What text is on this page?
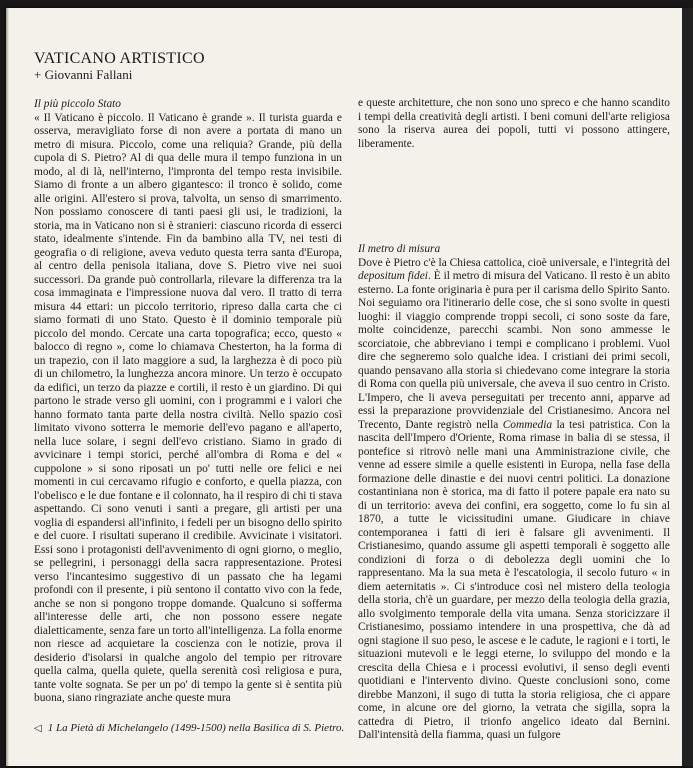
VATICANO ARTISTICO
+ Giovanni Fallani
Il più piccolo Stato

« Il Vaticano è piccolo. Il Vaticano è grande ». Il turista guarda e osserva, meravigliato forse di non avere a portata di mano un metro di misura. Piccolo, come una reliquia? Grande, più della cupola di S. Pietro? Al di qua delle mura il tempo funziona in un modo, al di là, nell'interno, l'impronta del tempo resta invisibile. Siamo di fronte a un albero gigantesco: il tronco è solido, come alle origini. All'estero si prova, talvolta, un senso di smarrimento. Non possiamo conoscere di tanti paesi gli usi, le tradizioni, la storia, ma in Vaticano non si è stranieri: ciascuno ricorda di esserci stato, idealmente s'intende. Fin da bambino alla TV, nei testi di geografia o di religione, aveva veduto questa terra santa d'Europa, al centro della penisola italiana, dove S. Pietro vive nei suoi successori. Da grande può controllarla, rilevare la differenza tra la cosa immaginata e l'impressione nuova dal vero. Il tratto di terra misura 44 ettari: un piccolo territorio, ripreso dalla carta che ci siamo formati di uno Stato. Questo è il dominio temporale più piccolo del mondo. Cercate una carta topografica; ecco, questo « balocco di regno », come lo chiamava Chesterton, ha la forma di un trapezio, con il lato maggiore a sud, la larghezza è di poco più di un chilometro, la lunghezza ancora minore. Un terzo è occupato da edifici, un terzo da piazze e cortili, il resto è un giardino. Di qui partono le strade verso gli uomini, con i programmi e i valori che hanno formato tanta parte della nostra civiltà. Nello spazio così limitato vivono sotterra le memorie dell'evo pagano e all'aperto, nella luce solare, i segni dell'evo cristiano. Siamo in grado di avvicinare i tempi storici, perché all'ombra di Roma e del « cuppolone » si sono riposati un po' tutti nelle ore felici e nei momenti in cui cercavamo rifugio e conforto, e quella piazza, con l'obelisco e le due fontane e il colonnato, ha il respiro di chi ti stava aspettando. Ci sono venuti i santi a pregare, gli artisti per una voglia di espandersi all'infinito, i fedeli per un bisogno dello spirito e del cuore. I risultati superano il credibile. Avvicinate i visitatori. Essi sono i protagonisti dell'avvenimento di ogni giorno, o meglio, se pellegrini, i personaggi della sacra rappresentazione. Protesi verso l'incantesimo suggestivo di un passato che ha legami profondi con il presente, i più sentono il contatto vivo con la fede, anche se non si pongono troppe domande. Qualcuno si sofferma all'interesse delle arti, che non possono essere negate dialetticamente, senza fare un torto all'intelligenza. La folla enorme non riesce ad acquietare la coscienza con le notizie, prova il desiderio d'isolarsi in qualche angolo del tempio per ritrovare quella calma, quella quiete, quella serenità così religiosa e pura, tante volte sognata. Se per un po' di tempo la gente si è sentita più buona, siano ringraziate anche queste mura

e queste architetture, che non sono uno spreco e che hanno scandito i tempi della creatività degli artisti. I beni comuni dell'arte religiosa sono la riserva aurea dei popoli, tutti vi possono attingere, liberamente.

Il metro di misura

Dove è Pietro c'è la Chiesa cattolica, cioè universale, e l'integrità del depositum fidei. È il metro di misura del Vaticano. Il resto è un abito esterno. La fonte originaria è pura per il carisma dello Spirito Santo. Noi seguiamo ora l'itinerario delle cose, che si sono svolte in questi luoghi: il viaggio comprende troppi secoli, ci sono soste da fare, molte coincidenze, parecchi scambi. Non sono ammesse le scorciatoie, che abbreviano i tempi e complicano i problemi. Vuol dire che segneremo solo qualche idea. I cristiani dei primi secoli, quando pensavano alla storia si chiedevano come integrare la storia di Roma con quella più universale, che aveva il suo centro in Cristo. L'Impero, che li aveva perseguitati per trecento anni, apparve ad essi la preparazione provvidenziale del Cristianesimo. Ancora nel Trecento, Dante registrò nella Commedia la tesi patristica. Con la nascita dell'Impero d'Oriente, Roma rimase in balia di se stessa, il pontefice si ritrovò nelle mani una Amministrazione civile, che venne ad essere simile a quelle esistenti in Europa, nella fase della formazione delle dinastie e dei nuovi centri politici. La donazione costantiniana non è storica, ma di fatto il potere papale era nato su di un territorio: aveva dei confini, era soggetto, come lo fu sin al 1870, a tutte le vicissitudini umane. Giudicare in chiave contemporanea i fatti di ieri è falsare gli avvenimenti. Il Cristianesimo, quando assume gli aspetti temporali è soggetto alle condizioni di forza o di debolezza degli uomini che lo rappresentano. Ma la sua meta è l'escatologia, il secolo futuro « in diem aeternitatis ». Ci s'introduce così nel mistero della teologia della storia, ch'è un guardare, per mezzo della teologia della grazia, allo svolgimento temporale della vita umana. Senza storicizzare il Cristianesimo, possiamo intendere in una prospettiva, che dà ad ogni stagione il suo peso, le ascese e le cadute, le ragioni e i torti, le situazioni mutevoli e le leggi eterne, lo sviluppo del mondo e la crescita della Chiesa e i processi evolutivi, il senso degli eventi quotidiani e l'intervento divino. Queste conclusioni sono, come direbbe Manzoni, il sugo di tutta la storia religiosa, che ci appare come, in alcune ore del giorno, la vetrata che sigilla, sopra la cattedra di Pietro, il trionfo angelico ideato dal Bernini. Dall'intensità della fiamma, quasi un fulgore

◁ 1 La Pietà di Michelangelo (1499-1500) nella Basilica di S. Pietro.
